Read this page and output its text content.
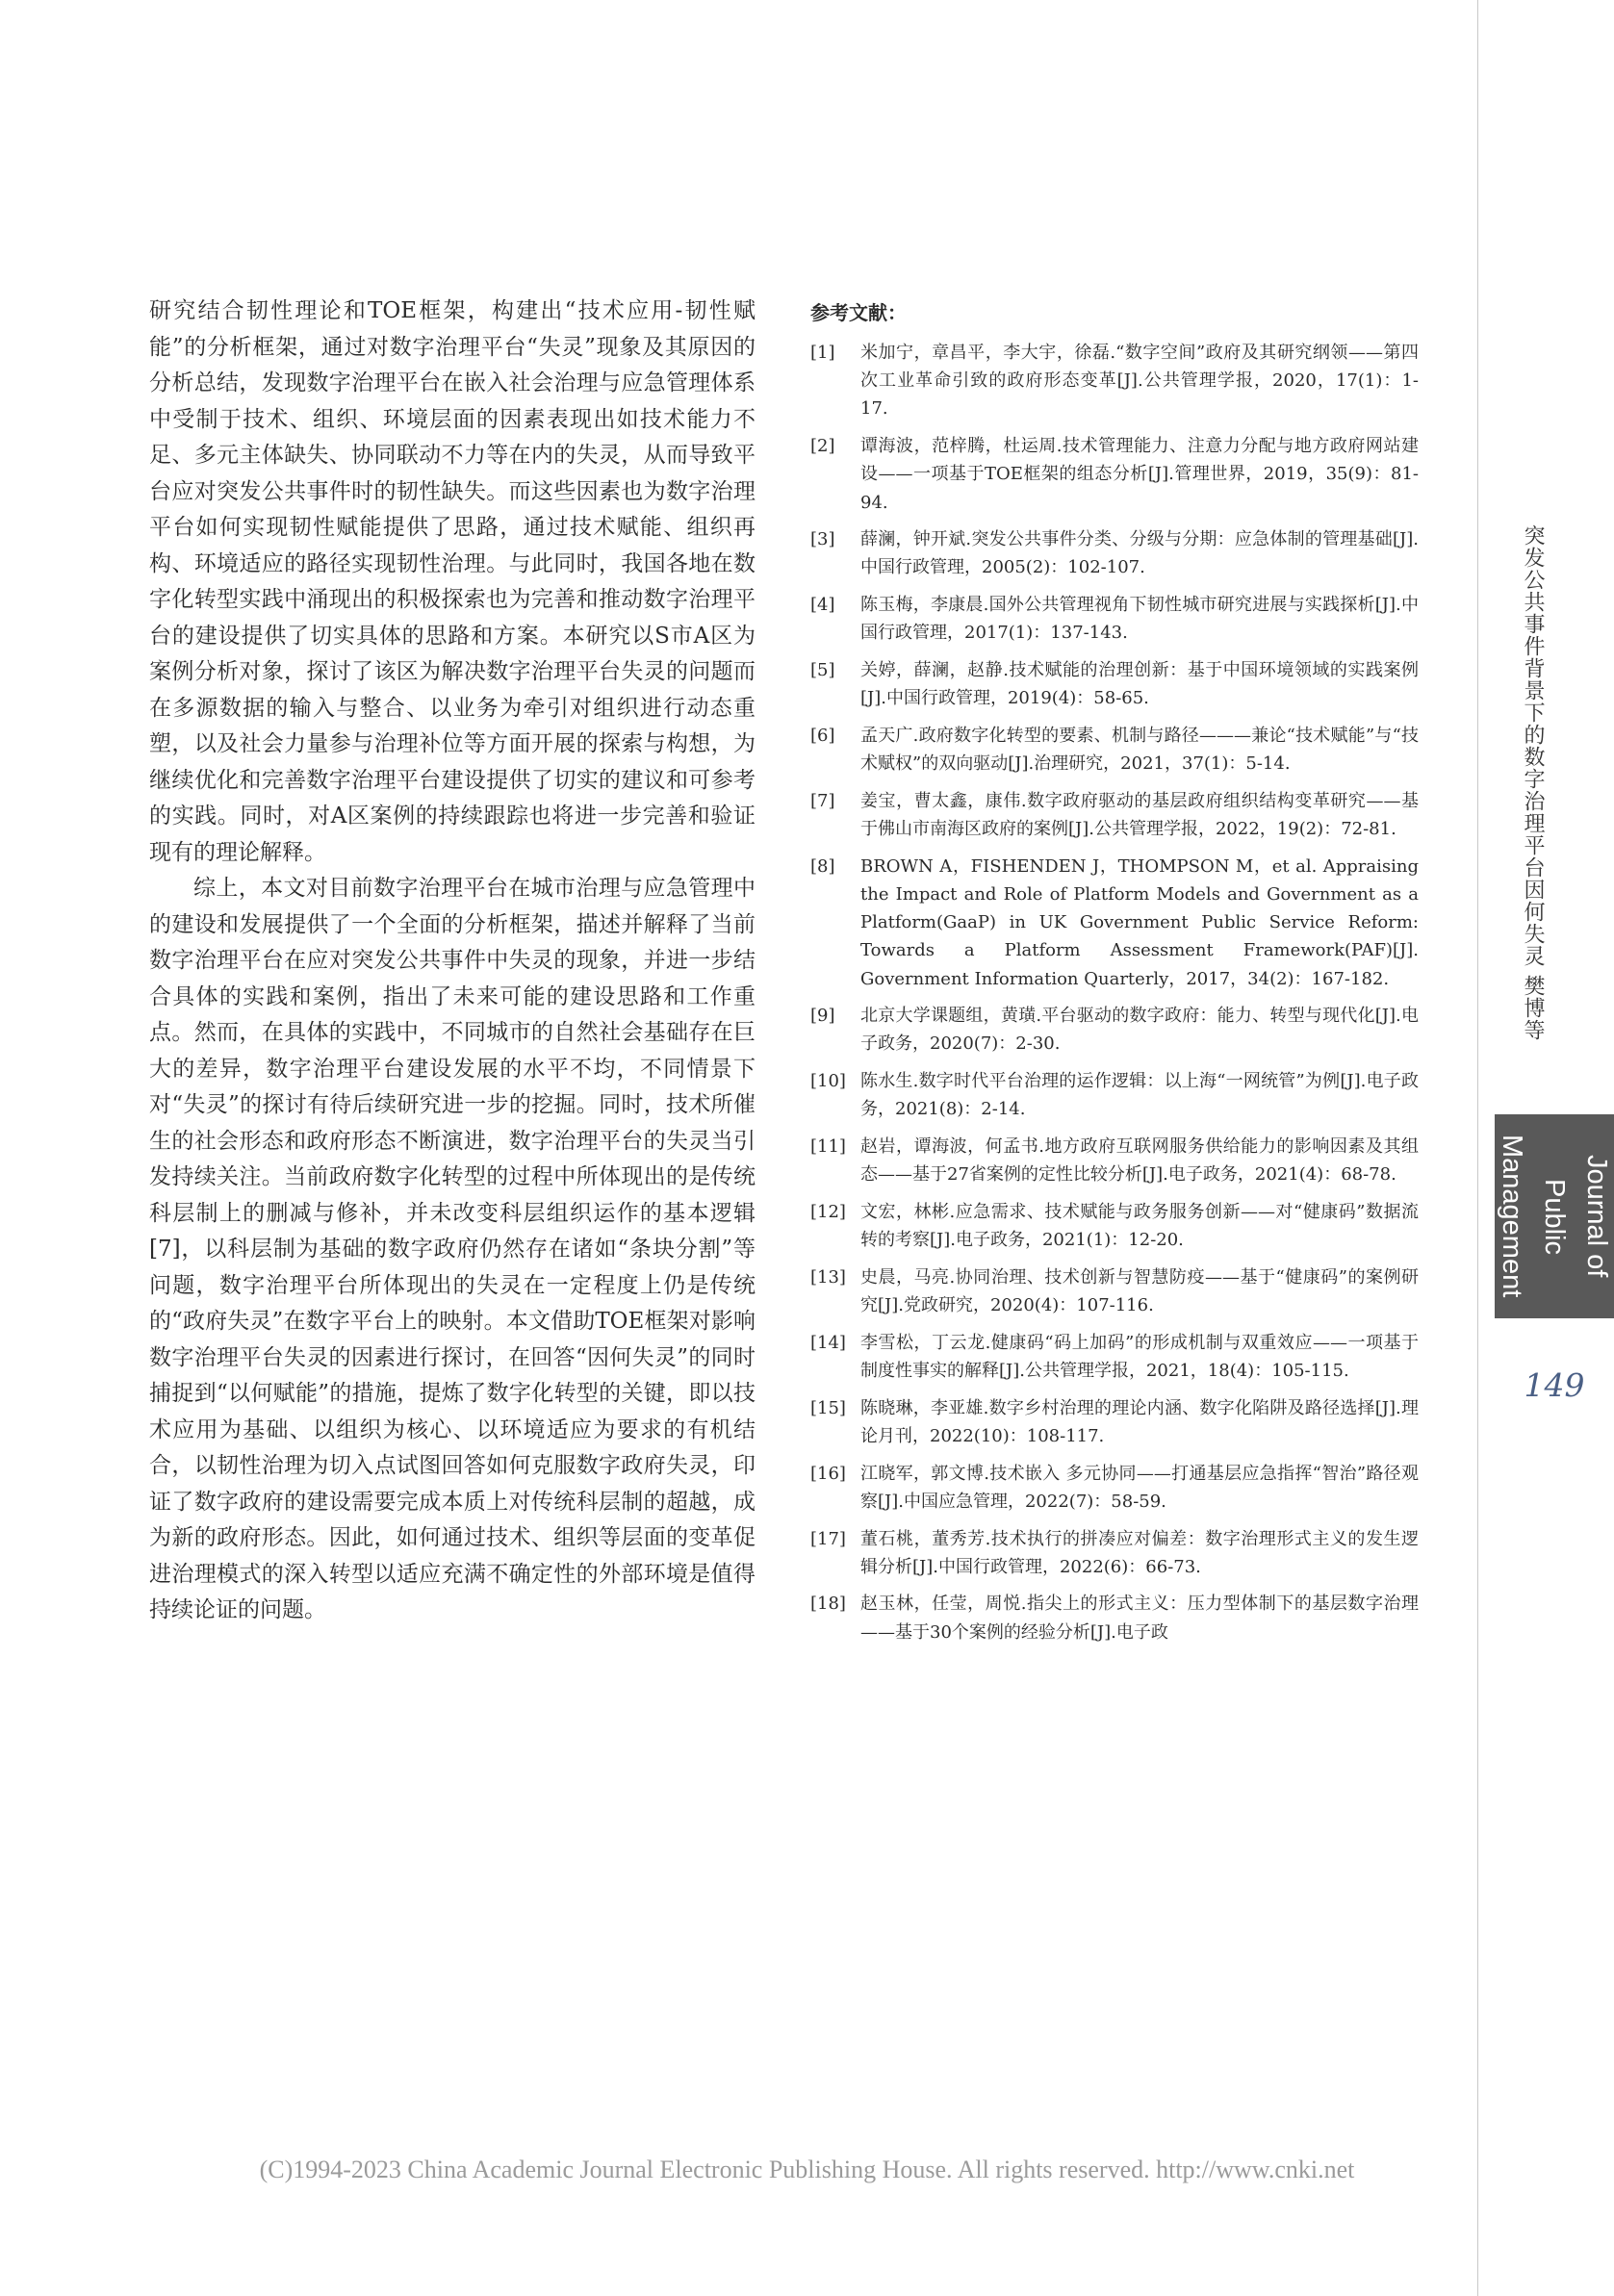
研究结合韧性理论和TOE框架，构建出“技术应用-韧性赋能”的分析框架，通过对数字治理平台“失灵”现象及其原因的分析总结，发现数字治理平台在嵌入社会治理与应急管理体系中受制于技术、组织、环境层面的因素表现出如技术能力不足、多元主体缺失、协同联动不力等在内的失灵，从而导致平台应对突发公共事件时的韧性缺失。而这些因素也为数字治理平台如何实现韧性赋能提供了思路，通过技术赋能、组织再构、环境适应的路径实现韧性治理。与此同时，我国各地在数字化转型实践中涌现出的积极探索也为完善和推动数字治理平台的建设提供了切实具体的思路和方案。本研究以S市A区为案例分析对象，探讨了该区为解决数字治理平台失灵的问题而在多源数据的输入与整合、以业务为牵引对组织进行动态重塑，以及社会力量参与治理补位等方面开展的探索与构想，为继续优化和完善数字治理平台建设提供了切实的建议和可参考的实践。同时，对A区案例的持续跟踪也将进一步完善和验证现有的理论解释。

综上，本文对目前数字治理平台在城市治理与应急管理中的建设和发展提供了一个全面的分析框架，描述并解释了当前数字治理平台在应对突发公共事件中失灵的现象，并进一步结合具体的实践和案例，指出了未来可能的建设思路和工作重点。然而，在具体的实践中，不同城市的自然社会基础存在巨大的差异，数字治理平台建设发展的水平不均，不同情景下对“失灵”的探讨有待后续研究进一步的挖掘。同时，技术所催生的社会形态和政府形态不断演进，数字治理平台的失灵当引发持续关注。当前政府数字化转型的过程中所体现出的是传统科层制上的删减与修补，并未改变科层组织运作的基本逻辑[7]，以科层制为基础的数字政府仍然存在诸如“条块分割”等问题，数字治理平台所体现出的失灵在一定程度上仍是传统的“政府失灵”在数字平台上的映射。本文借助TOE框架对影响数字治理平台失灵的因素进行探讨，在回答“因何失灵”的同时捕捉到“以何赋能”的措施，提炼了数字化转型的关键，即以技术应用为基础、以组织为核心、以环境适应为要求的有机结合，以韧性治理为切入点试图回答如何克服数字政府失灵，印证了数字政府的建设需要完成本质上对传统科层制的超越，成为新的政府形态。因此，如何通过技术、组织等层面的变革促进治理模式的深入转型以适应充满不确定性的外部环境是值得持续论证的问题。

参考文献：
[1]	米加宁，章昌平，李大宇，徐磊.“数字空间”政府及其研究纲领——第四次工业革命引致的政府形态变革[J].公共管理学报，2020，17(1)：1-17.
[2]	谭海波，范梓腾，杜运周.技术管理能力、注意力分配与地方政府网站建设——一项基于TOE框架的组态分析[J].管理世界，2019，35(9)：81-94.
[3]	薛澜，钟开斌.突发公共事件分类、分级与分期：应急体制的管理基础[J].中国行政管理，2005(2)：102-107.
[4]	陈玉梅，李康晨.国外公共管理视角下韧性城市研究进展与实践探析[J].中国行政管理，2017(1)：137-143.
[5]	关婷，薛澜，赵静.技术赋能的治理创新：基于中国环境领域的实践案例[J].中国行政管理，2019(4)：58-65.
[6]	孟天广.政府数字化转型的要素、机制与路径———兼论“技术赋能”与“技术赋权”的双向驱动[J].治理研究，2021，37(1)：5-14.
[7]	姜宝，曹太鑫，康伟.数字政府驱动的基层政府组织结构变革研究——基于佛山市南海区政府的案例[J].公共管理学报，2022，19(2)：72-81.
[8]	BROWN A，FISHENDEN J，THOMPSON M，et al. Appraising the Impact and Role of Platform Models and Government as a Platform(GaaP) in UK Government Public Service Reform: Towards a Platform Assessment Framework(PAF)[J]. Government Information Quarterly，2017，34(2)：167-182.
[9]	北京大学课题组，黄璜.平台驱动的数字政府：能力、转型与现代化[J].电子政务，2020(7)：2-30.
[10] 陈水生.数字时代平台治理的运作逻辑：以上海“一网统管”为例[J].电子政务，2021(8)：2-14.
[11] 赵岩，谭海波，何孟书.地方政府互联网服务供给能力的影响因素及其组态——基于27省案例的定性比较分析[J].电子政务，2021(4)：68-78.
[12] 文宏，林彬.应急需求、技术赋能与政务服务创新——对“健康码”数据流转的考察[J].电子政务，2021(1)：12-20.
[13] 史晨，马亮.协同治理、技术创新与智慧防疫——基于“健康码”的案例研究[J].党政研究，2020(4)：107-116.
[14] 李雪松，丁云龙.健康码“码上加码”的形成机制与双重效应——一项基于制度性事实的解释[J].公共管理学报，2021，18(4)：105-115.
[15] 陈晓琳，李亚雄.数字乡村治理的理论内涵、数字化陷阱及路径选择[J].理论月刊，2022(10)：108-117.
[16] 江晓军，郭文博.技术嵌入 多元协同——打通基层应急指挥“智治”路径观察[J].中国应急管理，2022(7)：58-59.
[17] 董石桃，董秀芳.技术执行的拼凑应对偏差：数字治理形式主义的发生逻辑分析[J].中国行政管理，2022(6)：66-73.
[18] 赵玉林，任莹，周悦.指尖上的形式主义：压力型体制下的基层数字治理——基于30个案例的经验分析[J].电子政
突发公共事件背景下的数字治理平台因何失灵 樊博等
Journal of Public Management
149
(C)1994-2023 China Academic Journal Electronic Publishing House. All rights reserved. http://www.cnki.net
